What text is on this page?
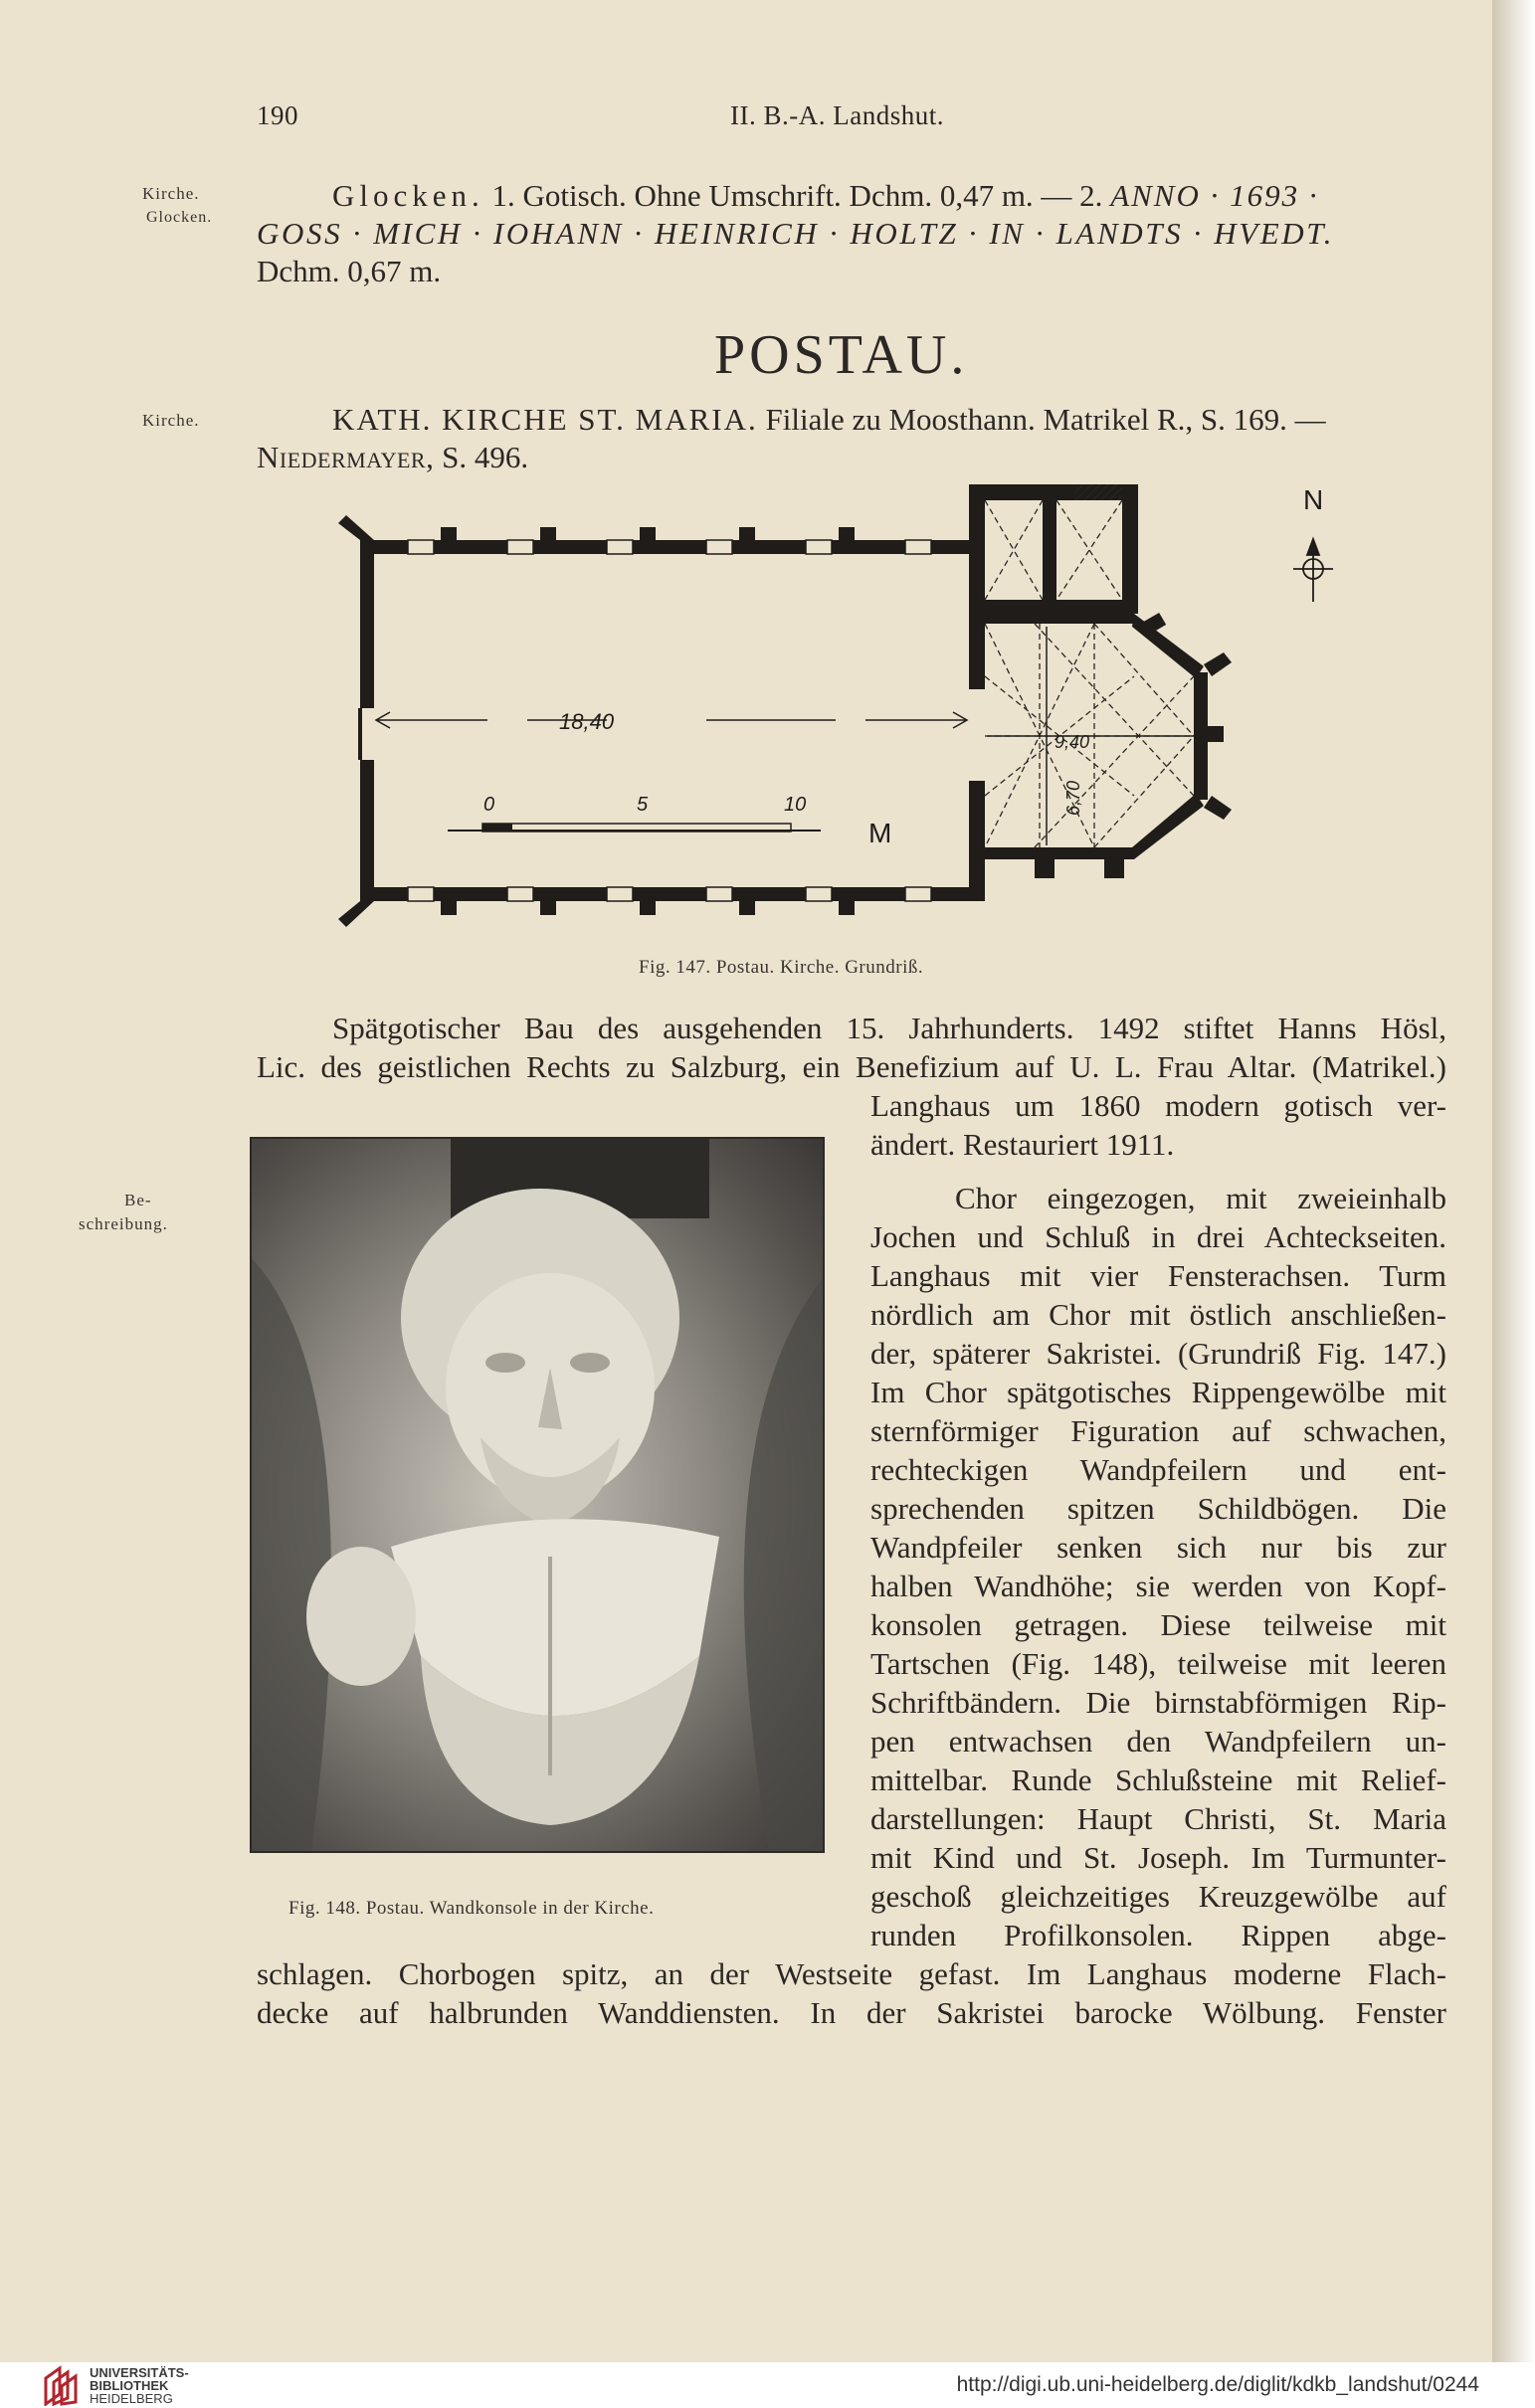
190	II. B.-A. Landshut.
Kirche.
Glocken.
Glocken. 1. Gotisch. Ohne Umschrift. Dchm. 0,47 m. — 2. ANNO · 1693 ·
GOSS · MICH · IOHANN · HEINRICH · HOLTZ · IN · LANDTS · HVEDT.
Dchm. 0,67 m.
POSTAU.
Kirche.	KATH. KIRCHE ST. MARIA. Filiale zu Moosthann. Matrikel R., S. 169. —
Niedermayer, S. 496.
N
18,40
9,40
6,70
0	5	10
M
Fig. 147. Postau. Kirche. Grundriß.
Spätgotischer Bau des ausgehenden 15. Jahrhunderts. 1492 stiftet Hanns Hösl,
Lic. des geistlichen Rechts zu Salzburg, ein Benefizium auf U. L. Frau Altar. (Matrikel.)
Langhaus um 1860 modern gotisch ver-
ändert. Restauriert 1911.
Be-
schreibung.
Fig. 148. Postau. Wandkonsole in der Kirche.
Chor eingezogen, mit zweieinhalb
Jochen und Schluß in drei Achteckseiten.
Langhaus mit vier Fensterachsen. Turm
nördlich am Chor mit östlich anschließen-
der, späterer Sakristei. (Grundriß Fig. 147.)
Im Chor spätgotisches Rippengewölbe mit
sternförmiger Figuration auf schwachen,
rechteckigen Wandpfeilern und ent-
sprechenden spitzen Schildbögen. Die
Wandpfeiler senken sich nur bis zur
halben Wandhöhe; sie werden von Kopf-
konsolen getragen. Diese teilweise mit
Tartschen (Fig. 148), teilweise mit leeren
Schriftbändern. Die birnstabförmigen Rip-
pen entwachsen den Wandpfeilern un-
mittelbar. Runde Schlußsteine mit Relief-
darstellungen: Haupt Christi, St. Maria
mit Kind und St. Joseph. Im Turmunter-
geschoß gleichzeitiges Kreuzgewölbe auf
runden Profilkonsolen. Rippen abge-
schlagen. Chorbogen spitz, an der Westseite gefast. Im Langhaus moderne Flach-
decke auf halbrunden Wanddiensten. In der Sakristei barocke Wölbung. Fenster
UNIVERSITÄTS-
BIBLIOTHEK
HEIDELBERG
http://digi.ub.uni-heidelberg.de/diglit/kdkb_landshut/0244
